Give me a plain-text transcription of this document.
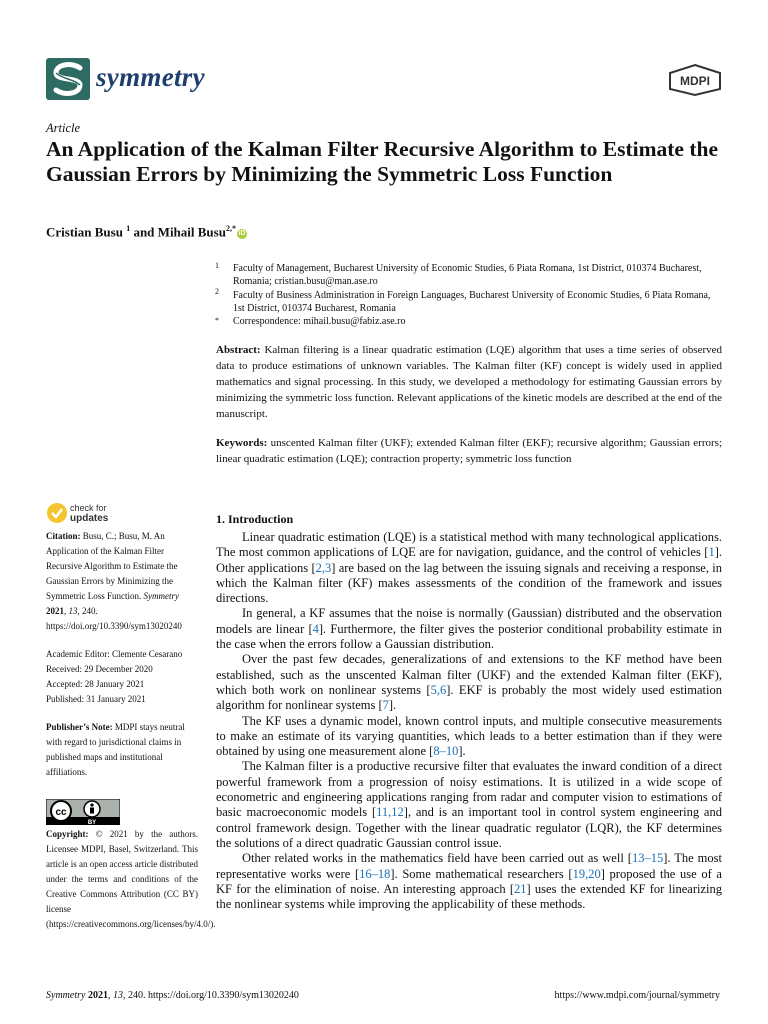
symmetry	MDPI
Article
An Application of the Kalman Filter Recursive Algorithm to Estimate the Gaussian Errors by Minimizing the Symmetric Loss Function
Cristian Busu $^1$ and Mihail Busu$^{2,*}$iD
1 Faculty of Management, Bucharest University of Economic Studies, 6 Piata Romana, 1st District, 010374 Bucharest, Romania; cristian.busu@man.ase.ro
2 Faculty of Business Administration in Foreign Languages, Bucharest University of Economic Studies, 6 Piata Romana, 1st District, 010374 Bucharest, Romania
* Correspondence: mihail.busu@fabiz.ase.ro
Abstract: Kalman filtering is a linear quadratic estimation (LQE) algorithm that uses a time series of observed data to produce estimations of unknown variables. The Kalman filter (KF) concept is widely used in applied mathematics and signal processing. In this study, we developed a methodology for estimating Gaussian errors by minimizing the symmetric loss function. Relevant applications of the kinetic models are described at the end of the manuscript.
Keywords: unscented Kalman filter (UKF); extended Kalman filter (EKF); recursive algorithm; Gaussian errors; linear quadratic estimation (LQE); contraction property; symmetric loss function
check for
updates
Citation: Busu, C.; Busu, M. An Application of the Kalman Filter Recursive Algorithm to Estimate the Gaussian Errors by Minimizing the Symmetric Loss Function. Symmetry 2021, 13, 240. https://doi.org/10.3390/sym13020240
Academic Editor: Clemente Cesarano
Received: 29 December 2020
Accepted: 28 January 2021
Published: 31 January 2021
Publisher’s Note: MDPI stays neutral with regard to jurisdictional claims in published maps and institutional affiliations.
cc
BY
Copyright: © 2021 by the authors. Licensee MDPI, Basel, Switzerland. This article is an open access article distributed under the terms and conditions of the Creative Commons Attribution (CC BY) license (https://creativecommons.org/licenses/by/4.0/).
1. Introduction

Linear quadratic estimation (LQE) is a statistical method with many technological applications. The most common applications of LQE are for navigation, guidance, and the control of vehicles [1]. Other applications [2,3] are based on the lag between the issuing signals and receiving a response, in which the Kalman filter (KF) makes assessments of the condition of the framework and issues directions.

In general, a KF assumes that the noise is normally (Gaussian) distributed and the observation models are linear [4]. Furthermore, the filter gives the posterior conditional probability estimate in the case when the errors follow a Gaussian distribution.

Over the past few decades, generalizations of and extensions to the KF method have been established, such as the unscented Kalman filter (UKF) and the extended Kalman filter (EKF), which both work on nonlinear systems [5,6]. EKF is probably the most widely used estimation algorithm for nonlinear systems [7].

The KF uses a dynamic model, known control inputs, and multiple consecutive measurements to make an estimate of its varying quantities, which leads to a better estimation than if they were obtained by using one measurement alone [8–10].

The Kalman filter is a productive recursive filter that evaluates the inward condition of a direct powerful framework from a progression of noisy estimations. It is utilized in a wide scope of econometric and engineering applications ranging from radar and computer vision to estimations of basic macroeconomic models [11,12], and is an important tool in control system engineering and control framework design. Together with the linear quadratic regulator (LQR), the KF determines the solutions of a direct quadratic Gaussian control issue.

Other related works in the mathematics field have been carried out as well [13–15]. The most representative works were [16–18]. Some mathematical researchers [19,20] proposed the use of a KF for the elimination of noise. An interesting approach [21] uses the extended KF for linearizing the nonlinear systems while improving the applicability of these methods.

Symmetry 2021, 13, 240. https://doi.org/10.3390/sym13020240	https://www.mdpi.com/journal/symmetry
